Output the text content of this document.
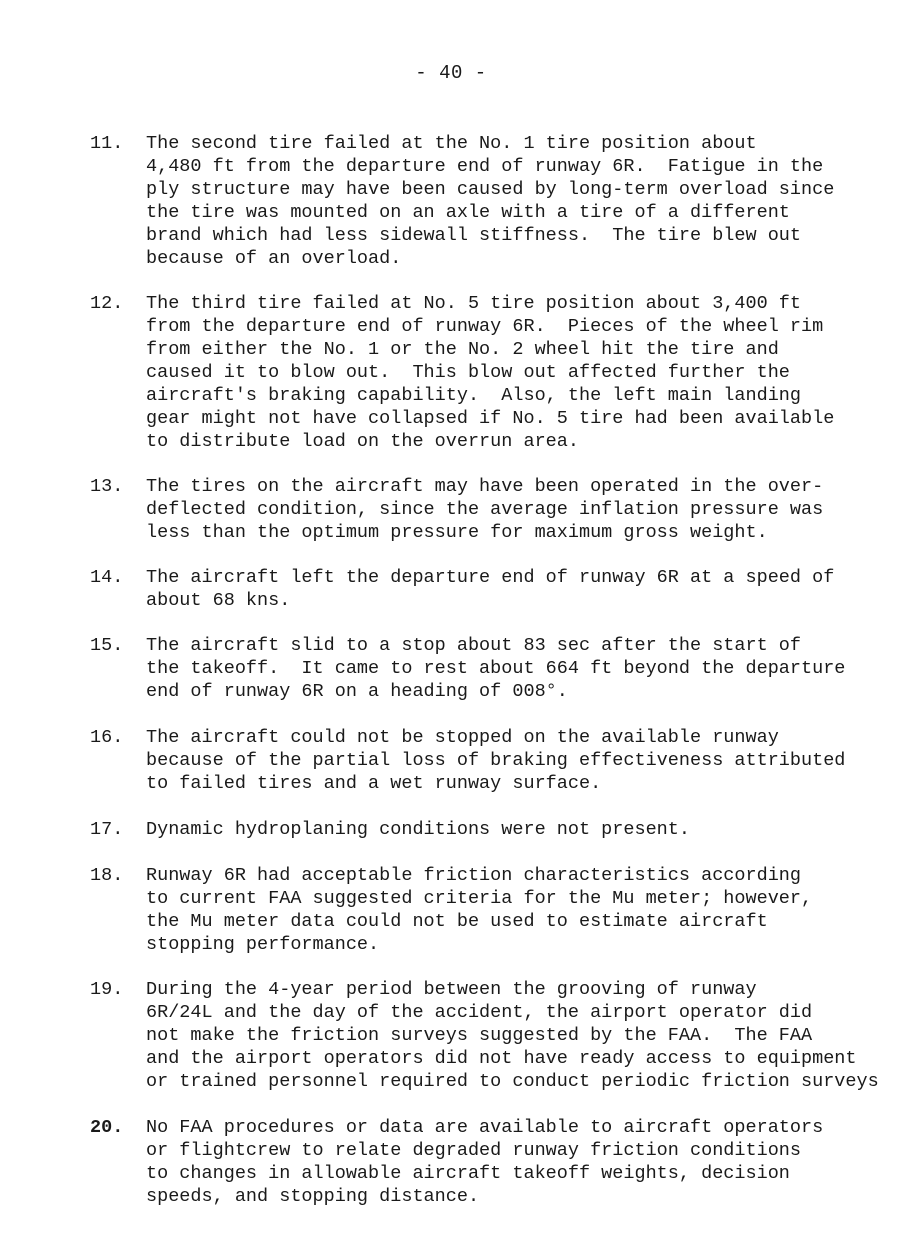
- 40 -
11.	The second tire failed at the No. 1 tire position about
4,480 ft from the departure end of runway 6R.  Fatigue in the
ply structure may have been caused by long-term overload since
the tire was mounted on an axle with a tire of a different
brand which had less sidewall stiffness.  The tire blew out
because of an overload.
12.	The third tire failed at No. 5 tire position about 3,400 ft
from the departure end of runway 6R.  Pieces of the wheel rim
from either the No. 1 or the No. 2 wheel hit the tire and
caused it to blow out.  This blow out affected further the
aircraft's braking capability.  Also, the left main landing
gear might not have collapsed if No. 5 tire had been available
to distribute load on the overrun area.
13.	The tires on the aircraft may have been operated in the over-
deflected condition, since the average inflation pressure was
less than the optimum pressure for maximum gross weight.
14.	The aircraft left the departure end of runway 6R at a speed of
about 68 kns.
15.	The aircraft slid to a stop about 83 sec after the start of
the takeoff.  It came to rest about 664 ft beyond the departure
end of runway 6R on a heading of 008°.
16.	The aircraft could not be stopped on the available runway
because of the partial loss of braking effectiveness attributed
to failed tires and a wet runway surface.
17.	Dynamic hydroplaning conditions were not present.
18.	Runway 6R had acceptable friction characteristics according
to current FAA suggested criteria for the Mu meter; however,
the Mu meter data could not be used to estimate aircraft
stopping performance.
19.	During the 4-year period between the grooving of runway
6R/24L and the day of the accident, the airport operator did
not make the friction surveys suggested by the FAA.  The FAA
and the airport operators did not have ready access to equipment
or trained personnel required to conduct periodic friction surveys
20.	No FAA procedures or data are available to aircraft operators
or flightcrew to relate degraded runway friction conditions
to changes in allowable aircraft takeoff weights, decision
speeds, and stopping distance.
